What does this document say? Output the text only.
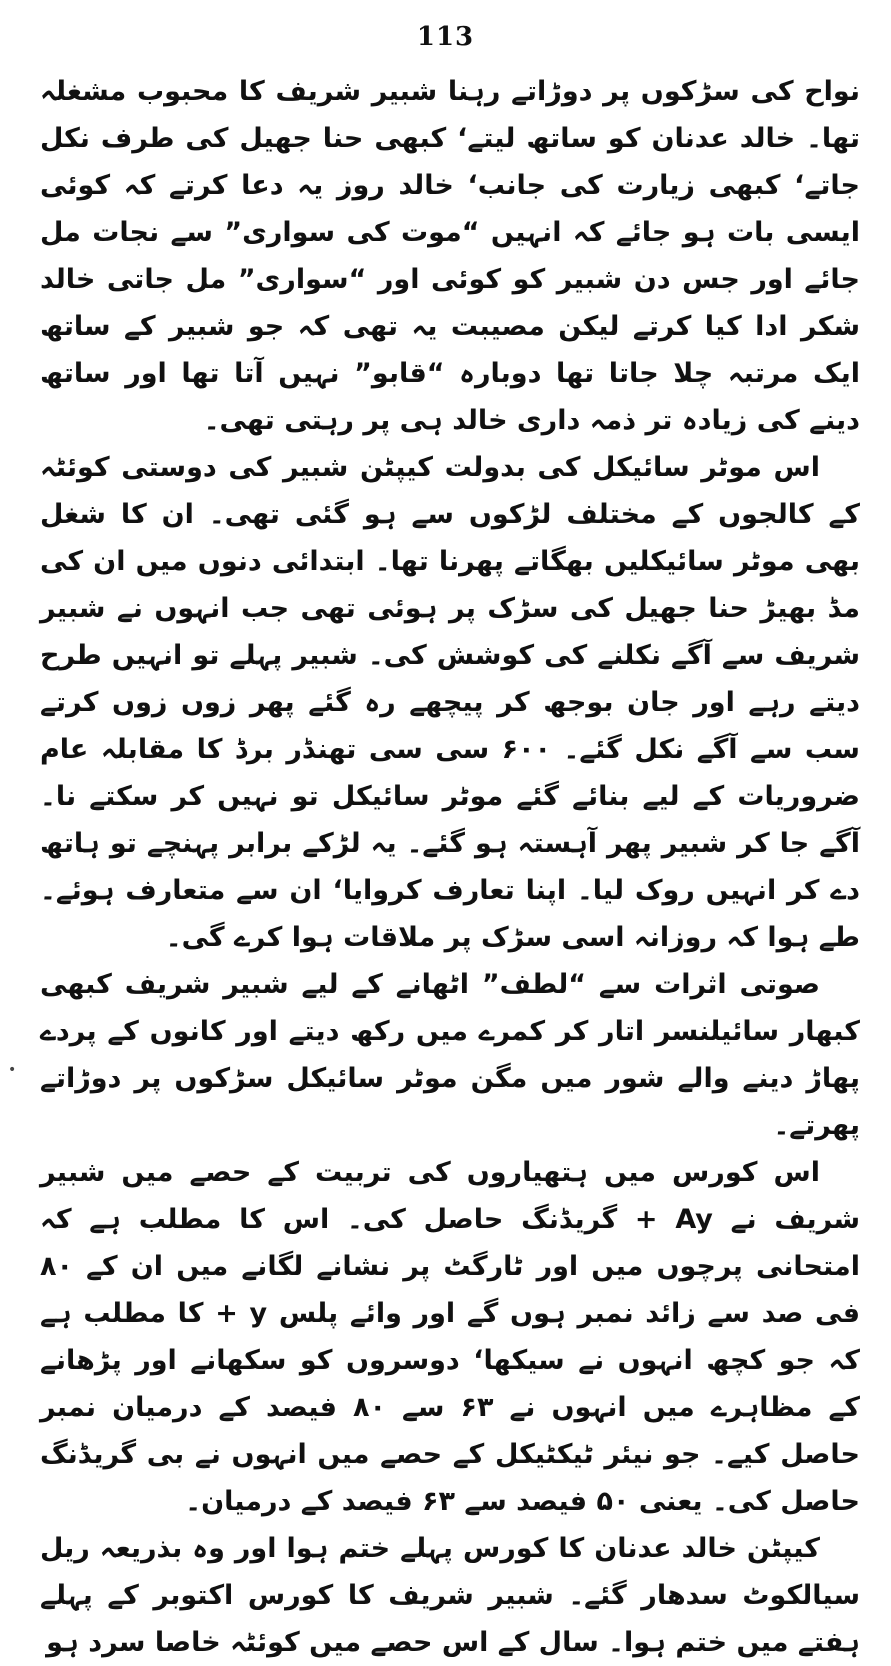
113
•

نواح کی سڑکوں پر دوڑاتے رہنا شبیر شریف کا محبوب مشغلہ تھا۔ خالد عدنان کو ساتھ لیتے‘ کبھی حنا جھیل کی طرف نکل جاتے‘ کبھی زیارت کی جانب‘ خالد روز یہ دعا کرتے کہ کوئی ایسی بات ہو جائے کہ انہیں “موت کی سواری” سے نجات مل جائے اور جس دن شبیر کو کوئی اور “سواری” مل جاتی خالد شکر ادا کیا کرتے لیکن مصیبت یہ تھی کہ جو شبیر کے ساتھ ایک مرتبہ چلا جاتا تھا دوبارہ “قابو” نہیں آتا تھا اور ساتھ دینے کی زیادہ تر ذمہ داری خالد ہی پر رہتی تھی۔

اس موٹر سائیکل کی بدولت کیپٹن شبیر کی دوستی کوئٹہ کے کالجوں کے مختلف لڑکوں سے ہو گئی تھی۔ ان کا شغل بھی موٹر سائیکلیں بھگاتے پھرنا تھا۔ ابتدائی دنوں میں ان کی مڈ بھیڑ حنا جھیل کی سڑک پر ہوئی تھی جب انہوں نے شبیر شریف سے آگے نکلنے کی کوشش کی۔ شبیر پہلے تو انہیں طرح دیتے رہے اور جان بوجھ کر پیچھے رہ گئے پھر زوں زوں کرتے سب سے آگے نکل گئے۔ ۶۰۰ سی سی تھنڈر برڈ کا مقابلہ عام ضروریات کے لیے بنائے گئے موٹر سائیکل تو نہیں کر سکتے نا۔ آگے جا کر شبیر پھر آہستہ ہو گئے۔ یہ لڑکے برابر پہنچے تو ہاتھ دے کر انہیں روک لیا۔ اپنا تعارف کروایا‘ ان سے متعارف ہوئے۔ طے ہوا کہ روزانہ اسی سڑک پر ملاقات ہوا کرے گی۔

صوتی اثرات سے “لطف” اٹھانے کے لیے شبیر شریف کبھی کبھار سائیلنسر اتار کر کمرے میں رکھ دیتے اور کانوں کے پردے پھاڑ دینے والے شور میں مگن موٹر سائیکل سڑکوں پر دوڑاتے پھرتے۔

اس کورس میں ہتھیاروں کی تربیت کے حصے میں شبیر شریف نے Ay + گریڈنگ حاصل کی۔ اس کا مطلب ہے کہ امتحانی پرچوں میں اور ٹارگٹ پر نشانے لگانے میں ان کے ۸۰ فی صد سے زائد نمبر ہوں گے اور وائے پلس y + کا مطلب ہے کہ جو کچھ انہوں نے سیکھا‘ دوسروں کو سکھانے اور پڑھانے کے مظاہرے میں انہوں نے ۶۳ سے ۸۰ فیصد کے درمیان نمبر حاصل کیے۔ جو نیئر ٹیکٹیکل کے حصے میں انہوں نے بی گریڈنگ حاصل کی۔ یعنی ۵۰ فیصد سے ۶۳ فیصد کے درمیان۔

کیپٹن خالد عدنان کا کورس پہلے ختم ہوا اور وہ بذریعہ ریل سیالکوٹ سدھار گئے۔ شبیر شریف کا کورس اکتوبر کے پہلے ہفتے میں ختم ہوا۔ سال کے اس حصے میں کوئٹہ خاصا سرد ہو
